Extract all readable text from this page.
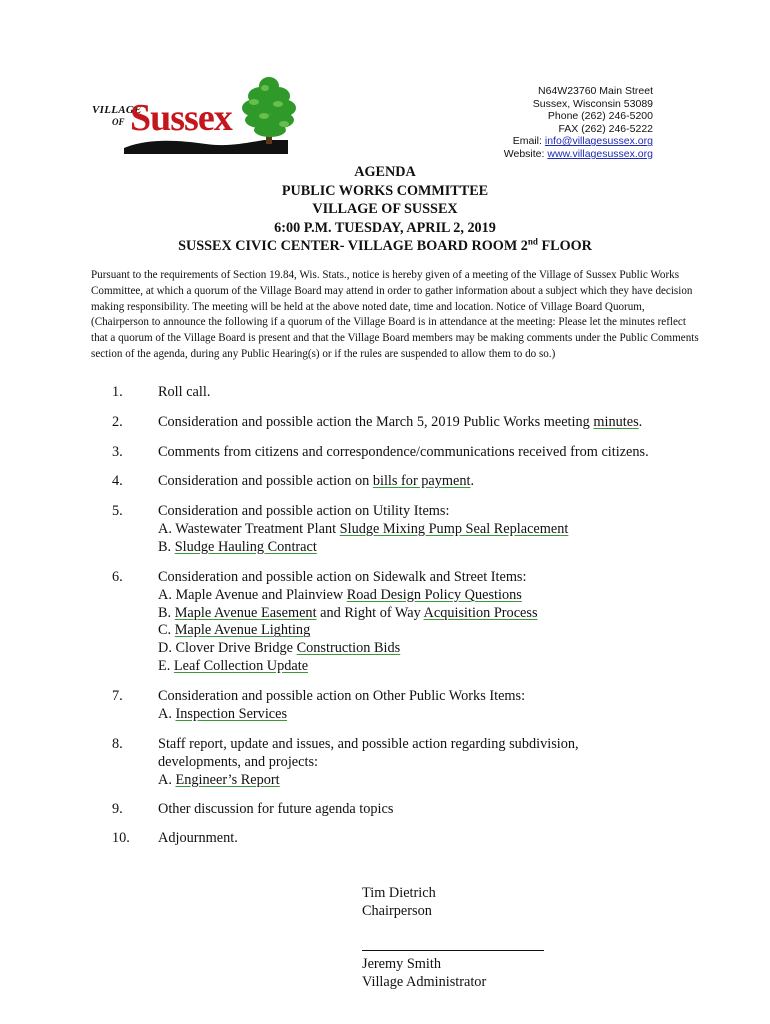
VILLAGE
OF Sussex
N64W23760 Main Street
Sussex, Wisconsin 53089
Phone (262) 246-5200
FAX (262) 246-5222
Email: info@villagesussex.org
Website: www.villagesussex.org
AGENDA
PUBLIC WORKS COMMITTEE
VILLAGE OF SUSSEX
6:00 P.M. TUESDAY, APRIL 2, 2019
SUSSEX CIVIC CENTER- VILLAGE BOARD ROOM 2nd FLOOR
Pursuant to the requirements of Section 19.84, Wis. Stats., notice is hereby given of a meeting of the Village of Sussex Public Works Committee, at which a quorum of the Village Board may attend in order to gather information about a subject which they have decision making responsibility. The meeting will be held at the above noted date, time and location. Notice of Village Board Quorum, (Chairperson to announce the following if a quorum of the Village Board is in attendance at the meeting: Please let the minutes reflect that a quorum of the Village Board is present and that the Village Board members may be making comments under the Public Comments section of the agenda, during any Public Hearing(s) or if the rules are suspended to allow them to do so.)
1.	Roll call.
2.	Consideration and possible action the March 5, 2019 Public Works meeting minutes.
3.	Comments from citizens and correspondence/communications received from citizens.
4.	Consideration and possible action on bills for payment.
5.	Consideration and possible action on Utility Items:
A. Wastewater Treatment Plant Sludge Mixing Pump Seal Replacement
B. Sludge Hauling Contract
6.	Consideration and possible action on Sidewalk and Street Items:
A. Maple Avenue and Plainview Road Design Policy Questions
B. Maple Avenue Easement and Right of Way Acquisition Process
C. Maple Avenue Lighting
D. Clover Drive Bridge Construction Bids
E. Leaf Collection Update
7.	Consideration and possible action on Other Public Works Items:
A. Inspection Services
8.	Staff report, update and issues, and possible action regarding subdivision,
developments, and projects:
A. Engineer’s Report
9.	Other discussion for future agenda topics
10.	Adjournment.
Tim Dietrich
Chairperson
Jeremy Smith
Village Administrator
